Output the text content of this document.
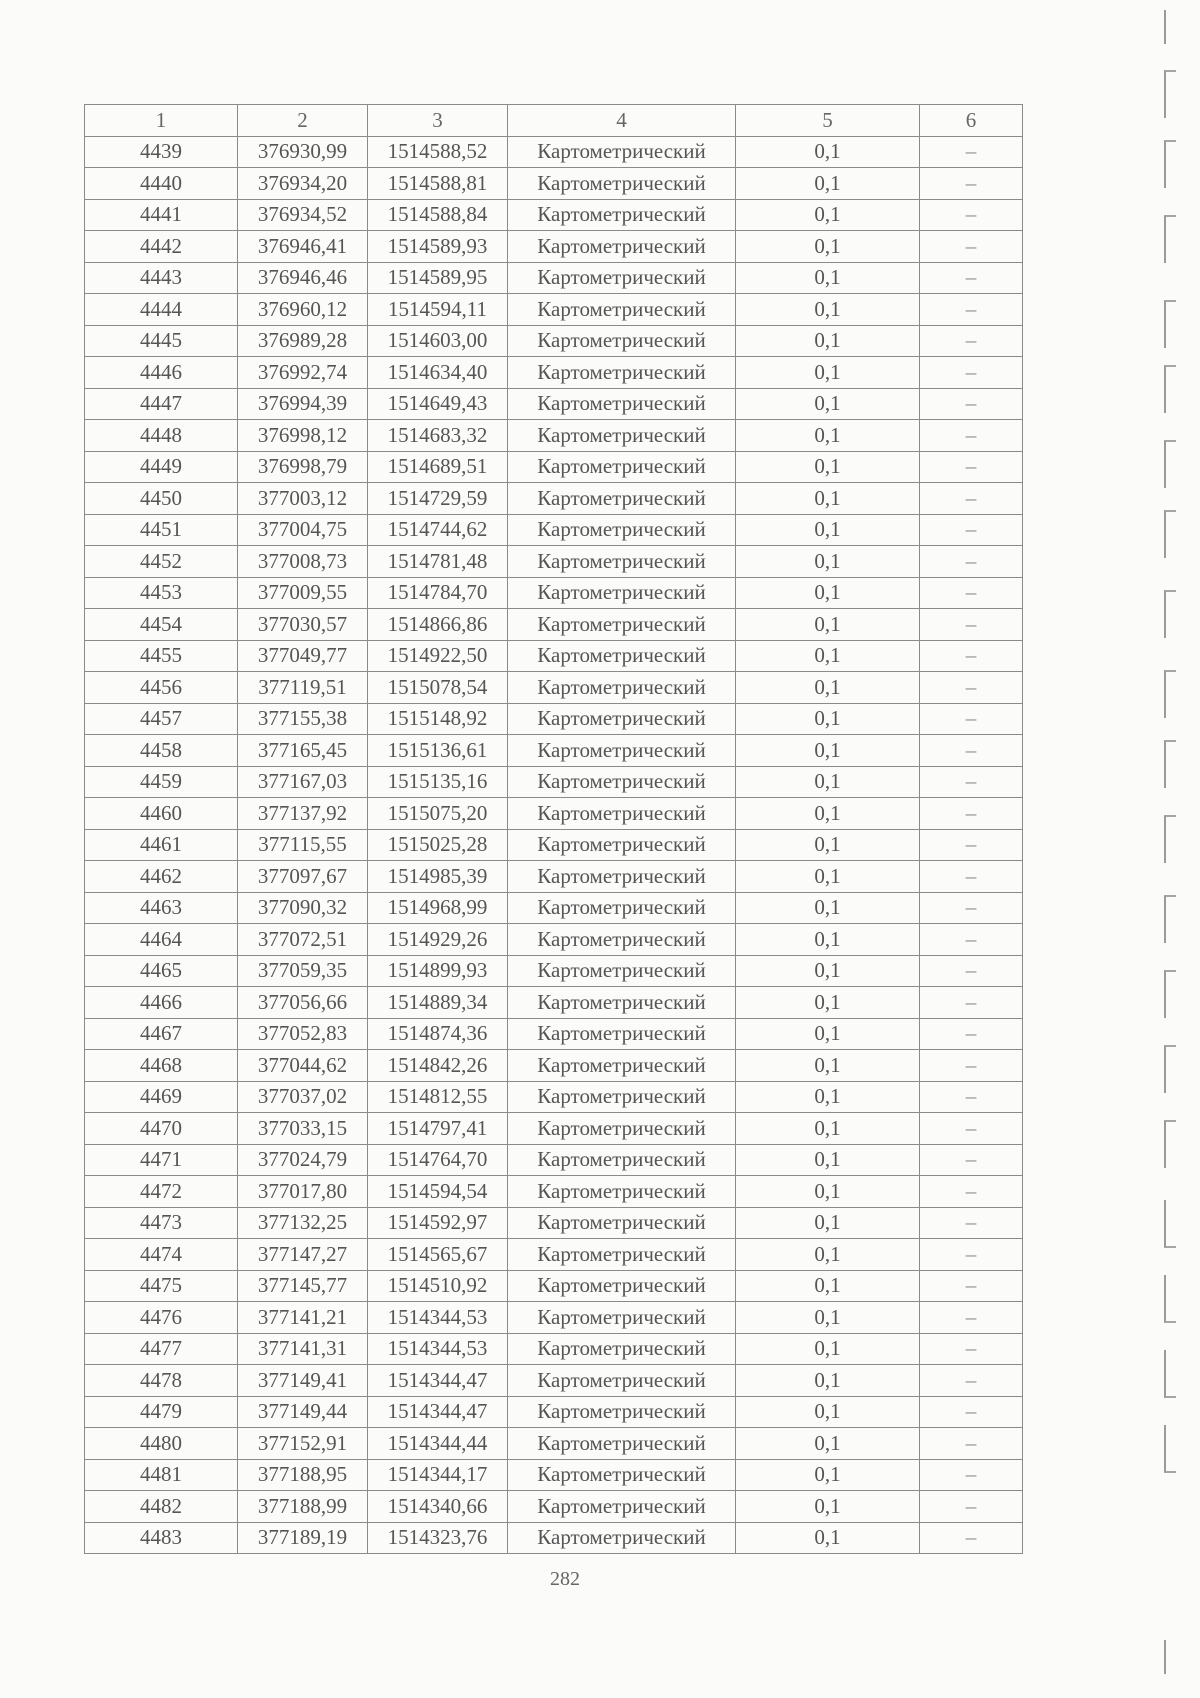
1	2	3	4	5	6
4439	376930,99	1514588,52	Картометрический	0,1	–
4440	376934,20	1514588,81	Картометрический	0,1	–
4441	376934,52	1514588,84	Картометрический	0,1	–
4442	376946,41	1514589,93	Картометрический	0,1	–
4443	376946,46	1514589,95	Картометрический	0,1	–
4444	376960,12	1514594,11	Картометрический	0,1	–
4445	376989,28	1514603,00	Картометрический	0,1	–
4446	376992,74	1514634,40	Картометрический	0,1	–
4447	376994,39	1514649,43	Картометрический	0,1	–
4448	376998,12	1514683,32	Картометрический	0,1	–
4449	376998,79	1514689,51	Картометрический	0,1	–
4450	377003,12	1514729,59	Картометрический	0,1	–
4451	377004,75	1514744,62	Картометрический	0,1	–
4452	377008,73	1514781,48	Картометрический	0,1	–
4453	377009,55	1514784,70	Картометрический	0,1	–
4454	377030,57	1514866,86	Картометрический	0,1	–
4455	377049,77	1514922,50	Картометрический	0,1	–
4456	377119,51	1515078,54	Картометрический	0,1	–
4457	377155,38	1515148,92	Картометрический	0,1	–
4458	377165,45	1515136,61	Картометрический	0,1	–
4459	377167,03	1515135,16	Картометрический	0,1	–
4460	377137,92	1515075,20	Картометрический	0,1	–
4461	377115,55	1515025,28	Картометрический	0,1	–
4462	377097,67	1514985,39	Картометрический	0,1	–
4463	377090,32	1514968,99	Картометрический	0,1	–
4464	377072,51	1514929,26	Картометрический	0,1	–
4465	377059,35	1514899,93	Картометрический	0,1	–
4466	377056,66	1514889,34	Картометрический	0,1	–
4467	377052,83	1514874,36	Картометрический	0,1	–
4468	377044,62	1514842,26	Картометрический	0,1	–
4469	377037,02	1514812,55	Картометрический	0,1	–
4470	377033,15	1514797,41	Картометрический	0,1	–
4471	377024,79	1514764,70	Картометрический	0,1	–
4472	377017,80	1514594,54	Картометрический	0,1	–
4473	377132,25	1514592,97	Картометрический	0,1	–
4474	377147,27	1514565,67	Картометрический	0,1	–
4475	377145,77	1514510,92	Картометрический	0,1	–
4476	377141,21	1514344,53	Картометрический	0,1	–
4477	377141,31	1514344,53	Картометрический	0,1	–
4478	377149,41	1514344,47	Картометрический	0,1	–
4479	377149,44	1514344,47	Картометрический	0,1	–
4480	377152,91	1514344,44	Картометрический	0,1	–
4481	377188,95	1514344,17	Картометрический	0,1	–
4482	377188,99	1514340,66	Картометрический	0,1	–
4483	377189,19	1514323,76	Картометрический	0,1	–
282
